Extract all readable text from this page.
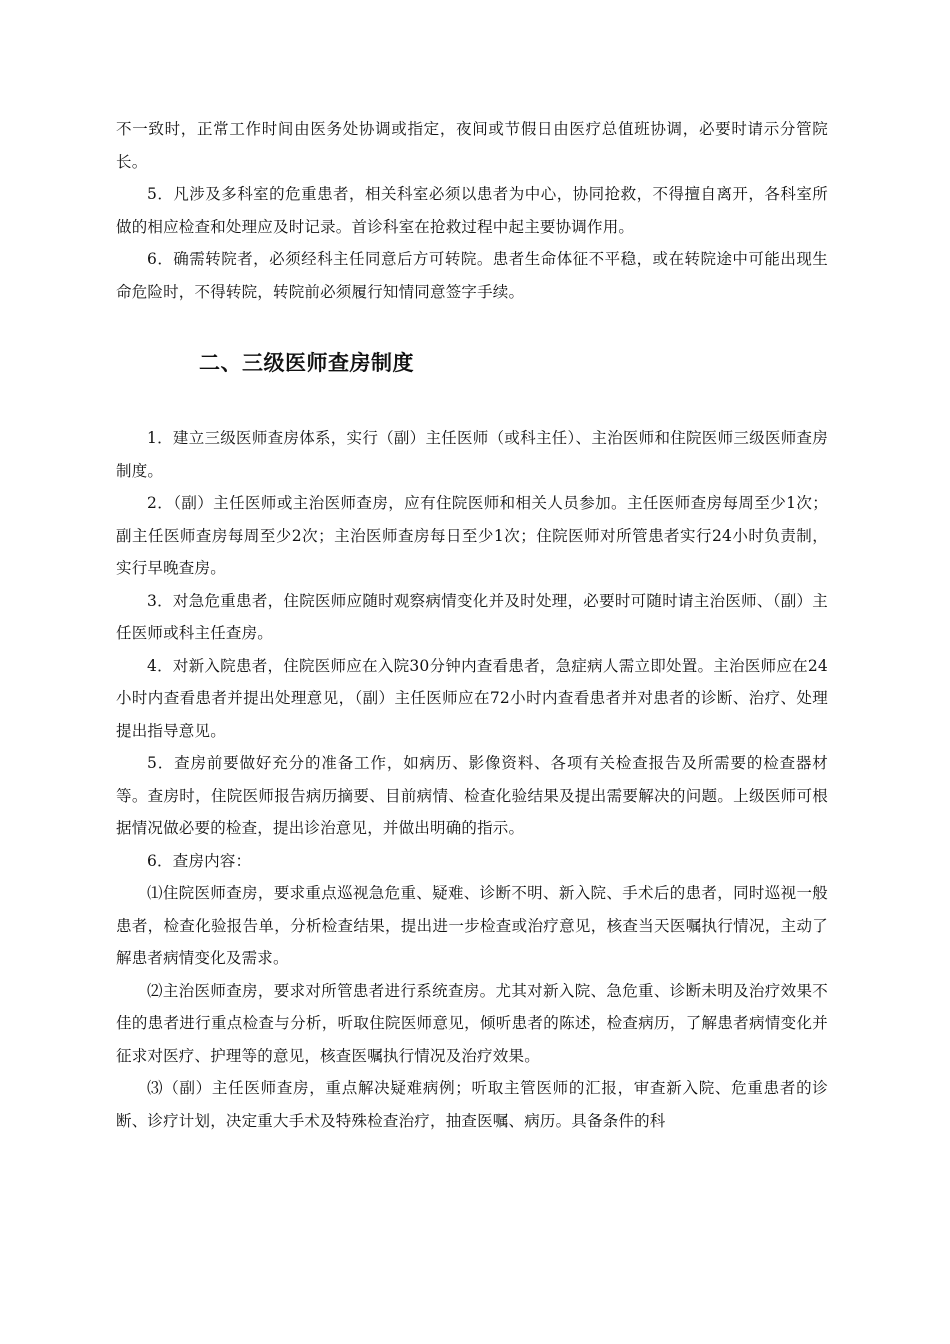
不一致时，正常工作时间由医务处协调或指定，夜间或节假日由医疗总值班协调，必要时请示分管院长。

5．凡涉及多科室的危重患者，相关科室必须以患者为中心，协同抢救，不得擅自离开，各科室所做的相应检查和处理应及时记录。首诊科室在抢救过程中起主要协调作用。

6．确需转院者，必须经科主任同意后方可转院。患者生命体征不平稳，或在转院途中可能出现生命危险时，不得转院，转院前必须履行知情同意签字手续。

二、三级医师查房制度

1．建立三级医师查房体系，实行（副）主任医师（或科主任）、主治医师和住院医师三级医师查房制度。

2．（副）主任医师或主治医师查房，应有住院医师和相关人员参加。主任医师查房每周至少1次；副主任医师查房每周至少2次；主治医师查房每日至少1次；住院医师对所管患者实行24小时负责制，实行早晚查房。

3．对急危重患者，住院医师应随时观察病情变化并及时处理，必要时可随时请主治医师、（副）主任医师或科主任查房。

4．对新入院患者，住院医师应在入院30分钟内查看患者，急症病人需立即处置。主治医师应在24小时内查看患者并提出处理意见，（副）主任医师应在72小时内查看患者并对患者的诊断、治疗、处理提出指导意见。

5．查房前要做好充分的准备工作，如病历、影像资料、各项有关检查报告及所需要的检查器材等。查房时，住院医师报告病历摘要、目前病情、检查化验结果及提出需要解决的问题。上级医师可根据情况做必要的检查，提出诊治意见，并做出明确的指示。

6．查房内容：

⑴住院医师查房，要求重点巡视急危重、疑难、诊断不明、新入院、手术后的患者，同时巡视一般患者，检查化验报告单，分析检查结果，提出进一步检查或治疗意见，核查当天医嘱执行情况，主动了解患者病情变化及需求。

⑵主治医师查房，要求对所管患者进行系统查房。尤其对新入院、急危重、诊断未明及治疗效果不佳的患者进行重点检查与分析，听取住院医师意见，倾听患者的陈述，检查病历，了解患者病情变化并征求对医疗、护理等的意见，核查医嘱执行情况及治疗效果。

⑶（副）主任医师查房，重点解决疑难病例；听取主管医师的汇报，审查新入院、危重患者的诊断、诊疗计划，决定重大手术及特殊检查治疗，抽查医嘱、病历。具备条件的科
